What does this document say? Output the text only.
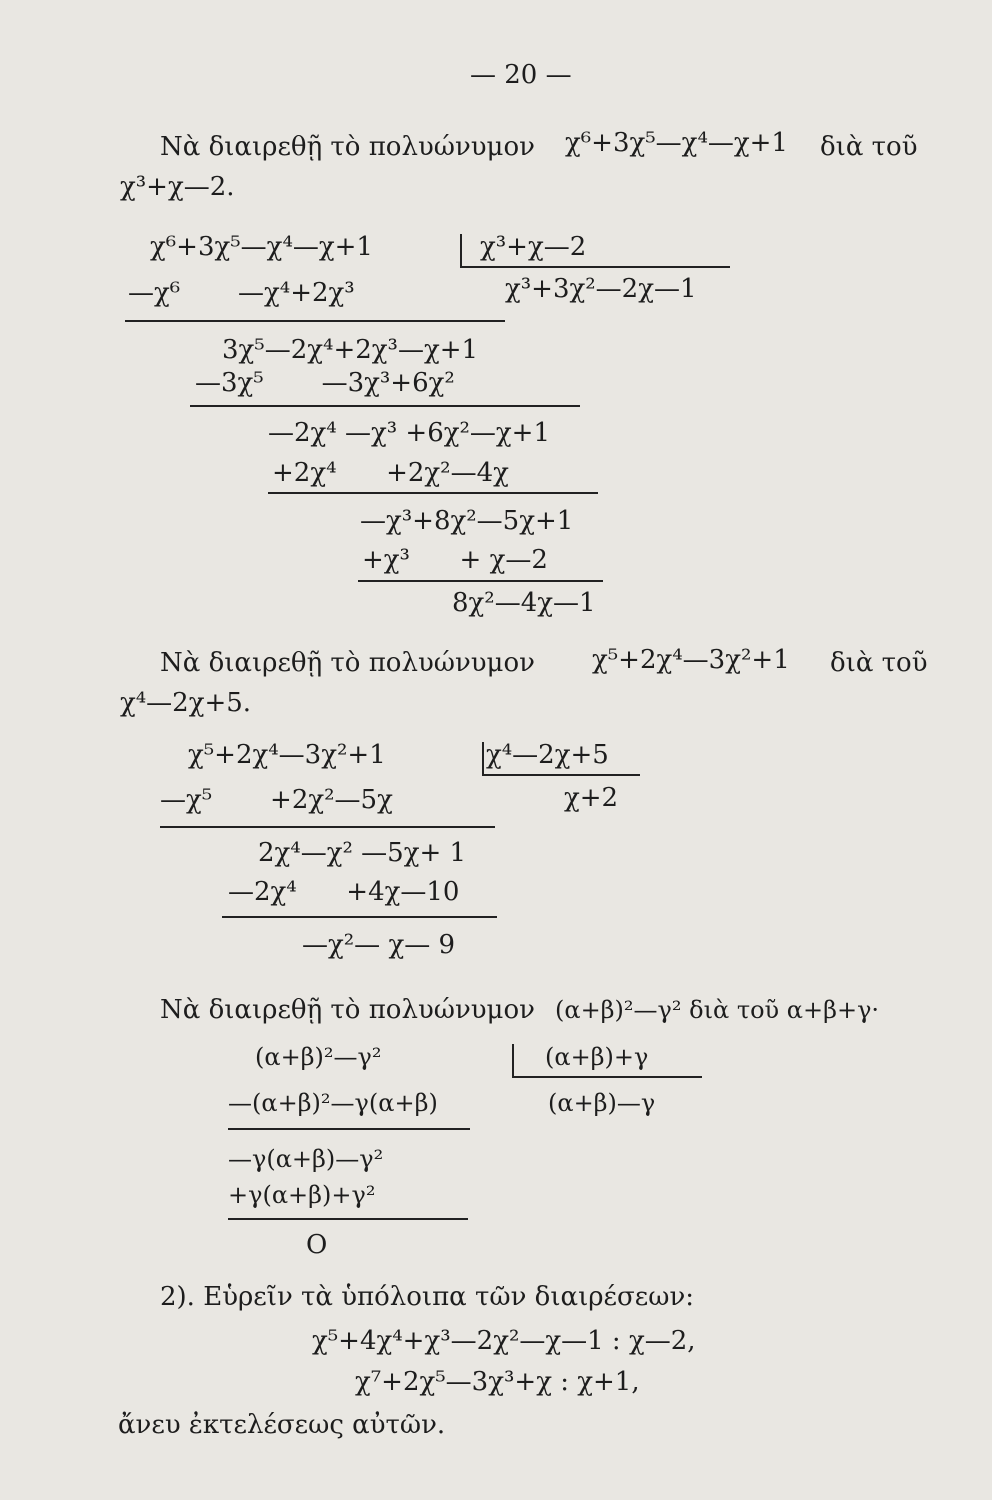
— 20 —
Νὰ διαιρεθῇ τὸ πολυώνυμον χ⁶+3χ⁵—χ⁴—χ+1 διὰ τοῦ
χ³+χ—2.
χ⁶+3χ⁵—χ⁴—χ+1	χ³+χ—2
χ³+3χ²—2χ—1
—χ⁶       —χ⁴+2χ³
3χ⁵—2χ⁴+2χ³—χ+1
—3χ⁵       —3χ³+6χ²
—2χ⁴ —χ³ +6χ²—χ+1
+2χ⁴      +2χ²—4χ
—χ³+8χ²—5χ+1
+χ³      + χ—2
8χ²—4χ—1
Νὰ διαιρεθῇ τὸ πολυώνυμον χ⁵+2χ⁴—3χ²+1 διὰ τοῦ
χ⁴—2χ+5.
χ⁵+2χ⁴—3χ²+1	χ⁴—2χ+5
χ+2
—χ⁵       +2χ²—5χ
2χ⁴—χ² —5χ+ 1
—2χ⁴      +4χ—10
—χ²— χ— 9
Νὰ διαιρεθῇ τὸ πολυώνυμον (α+β)²—γ² διὰ τοῦ α+β+γ·
(α+β)²—γ²	(α+β)+γ
(α+β)—γ
—(α+β)²—γ(α+β)
—γ(α+β)—γ²
+γ(α+β)+γ²
O
2). Εὑρεῖν τὰ ὑπόλοιπα τῶν διαιρέσεων:
χ⁵+4χ⁴+χ³—2χ²—χ—1 : χ—2,
χ⁷+2χ⁵—3χ³+χ : χ+1,
ἄνευ ἐκτελέσεως αὐτῶν.
